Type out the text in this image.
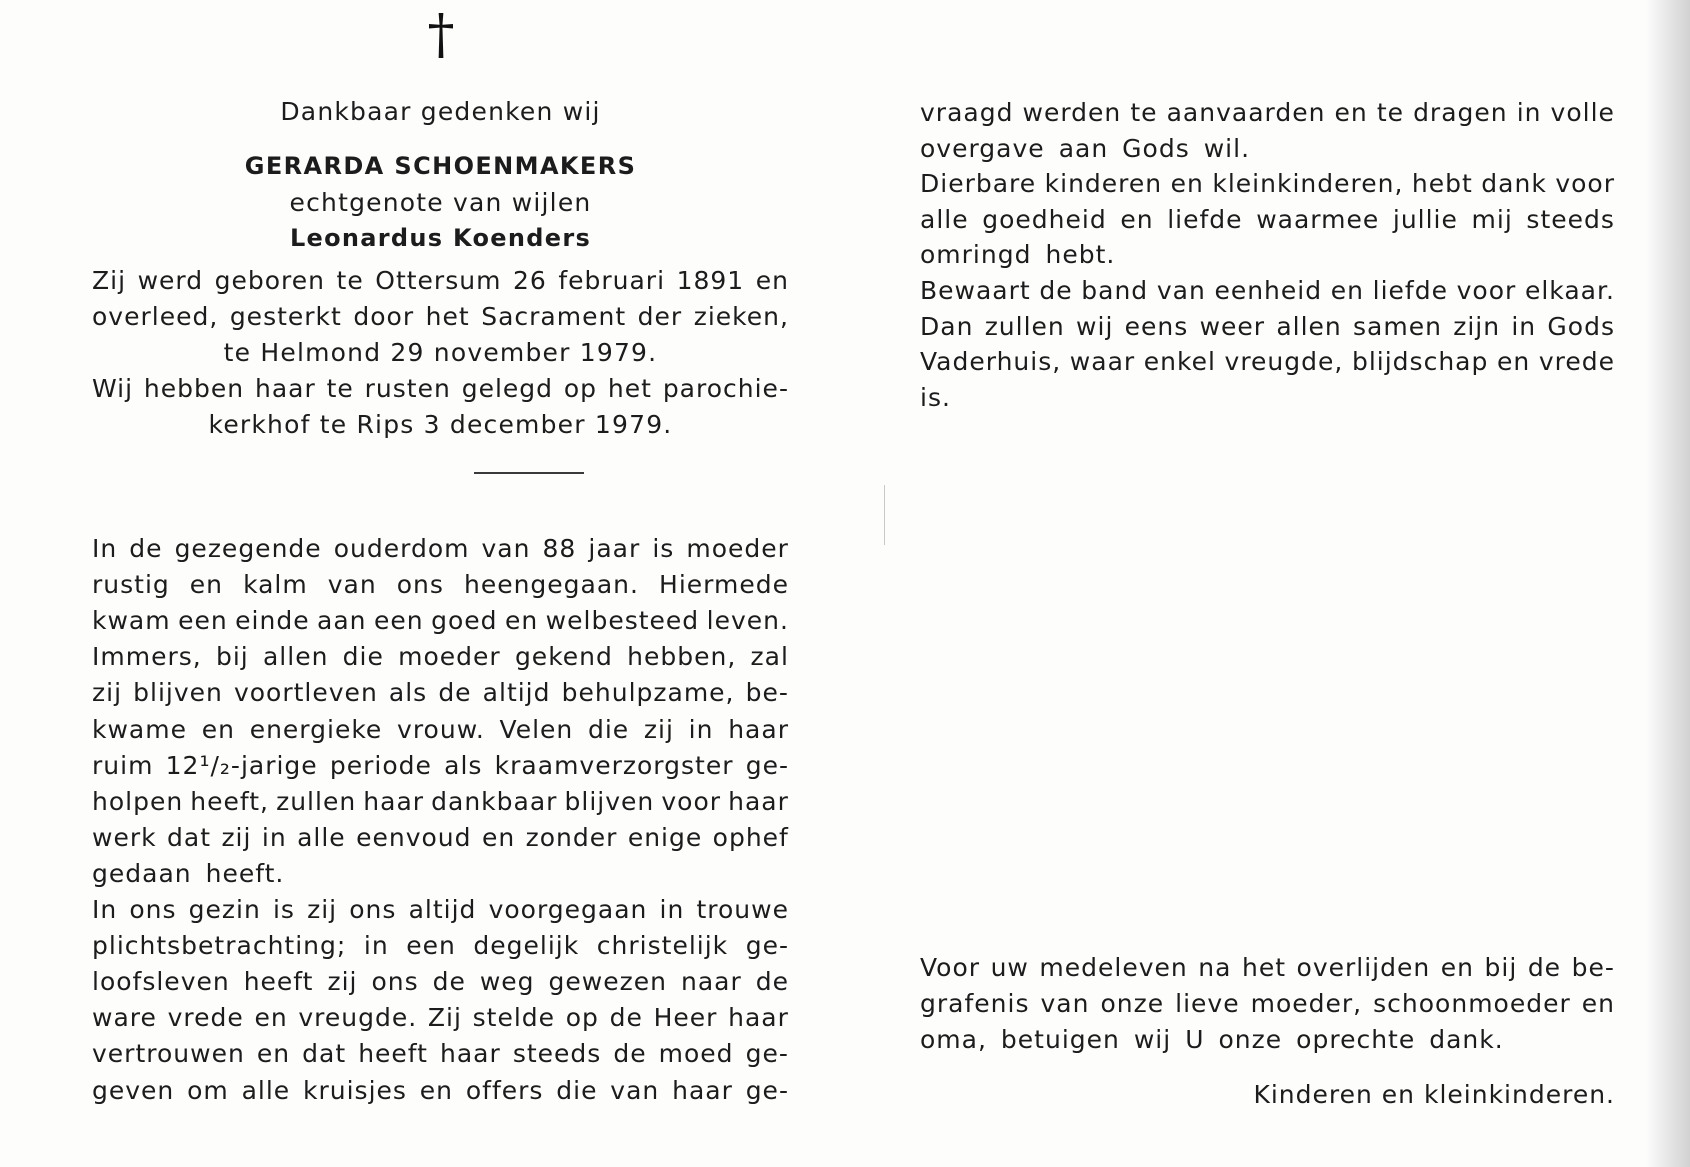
†
Dankbaar gedenken wij
GERARDA SCHOENMAKERS
echtgenote van wijlen
Leonardus Koenders
Zij werd geboren te Ottersum 26 februari 1891 en
overleed, gesterkt door het Sacrament der zieken,
te Helmond 29 november 1979.
Wij hebben haar te rusten gelegd op het parochie-
kerkhof te Rips 3 december 1979.
In de gezegende ouderdom van 88 jaar is moeder
rustig en kalm van ons heengegaan. Hiermede
kwam een einde aan een goed en welbesteed leven.
Immers, bij allen die moeder gekend hebben, zal
zij blijven voortleven als de altijd behulpzame, be-
kwame en energieke vrouw. Velen die zij in haar
ruim 12¹/₂-jarige periode als kraamverzorgster ge-
holpen heeft, zullen haar dankbaar blijven voor haar
werk dat zij in alle eenvoud en zonder enige ophef
gedaan heeft.
In ons gezin is zij ons altijd voorgegaan in trouwe
plichtsbetrachting; in een degelijk christelijk ge-
loofsleven heeft zij ons de weg gewezen naar de
ware vrede en vreugde. Zij stelde op de Heer haar
vertrouwen en dat heeft haar steeds de moed ge-
geven om alle kruisjes en offers die van haar ge-
vraagd werden te aanvaarden en te dragen in volle
overgave aan Gods wil.
Dierbare kinderen en kleinkinderen, hebt dank voor
alle goedheid en liefde waarmee jullie mij steeds
omringd hebt.
Bewaart de band van eenheid en liefde voor elkaar.
Dan zullen wij eens weer allen samen zijn in Gods
Vaderhuis, waar enkel vreugde, blijdschap en vrede
is.
Voor uw medeleven na het overlijden en bij de be-
grafenis van onze lieve moeder, schoonmoeder en
oma, betuigen wij U onze oprechte dank.
Kinderen en kleinkinderen.
